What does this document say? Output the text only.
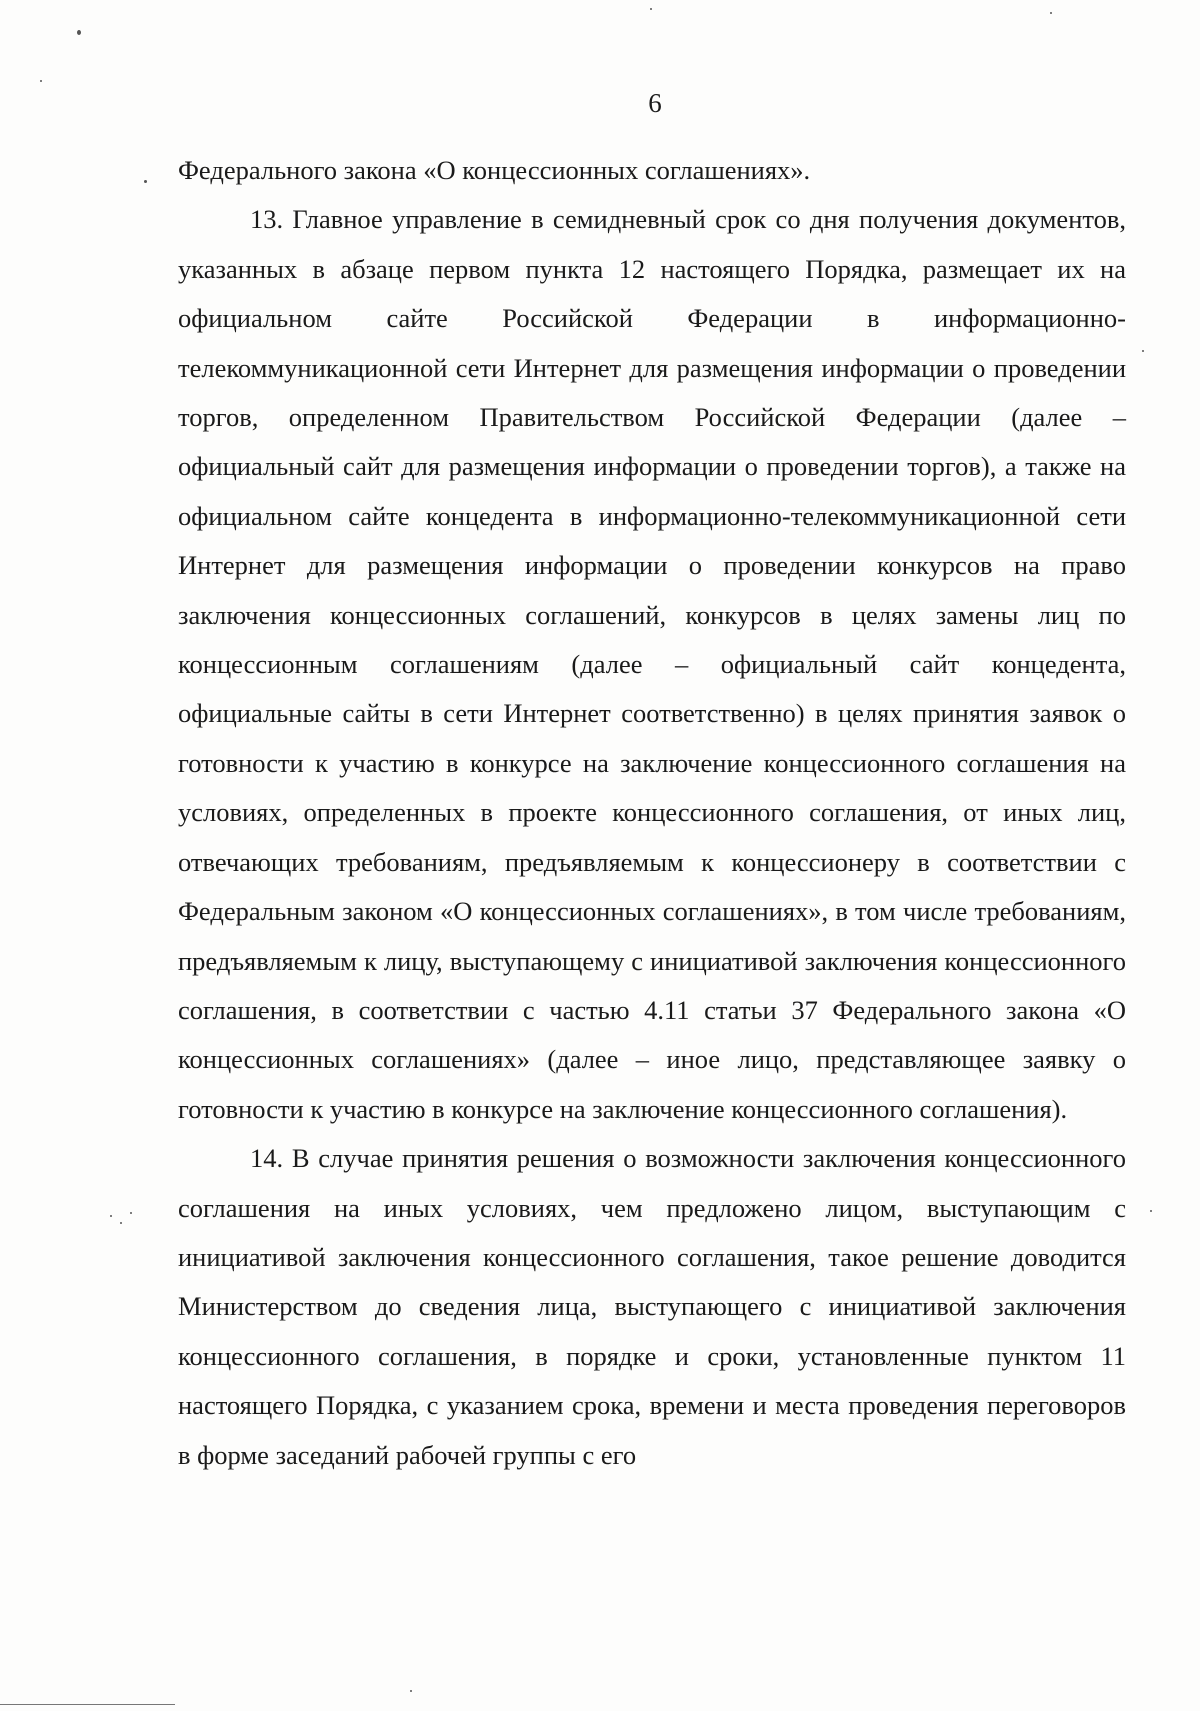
6

Федерального закона «О концессионных соглашениях».

13. Главное управление в семидневный срок со дня получения документов, указанных в абзаце первом пункта 12 настоящего Порядка, размещает их на официальном сайте Российской Федерации в информационно-телекоммуникационной сети Интернет для размещения информации о проведении торгов, определенном Правительством Российской Федерации (далее – официальный сайт для размещения информации о проведении торгов), а также на официальном сайте концедента в информационно-телекоммуникационной сети Интернет для размещения информации о проведении конкурсов на право заключения концессионных соглашений, конкурсов в целях замены лиц по концессионным соглашениям (далее – официальный сайт концедента, официальные сайты в сети Интернет соответственно) в целях принятия заявок о готовности к участию в конкурсе на заключение концессионного соглашения на условиях, определенных в проекте концессионного соглашения, от иных лиц, отвечающих требованиям, предъявляемым к концессионеру в соответствии с Федеральным законом «О концессионных соглашениях», в том числе требованиям, предъявляемым к лицу, выступающему с инициативой заключения концессионного соглашения, в соответствии с частью 4.11 статьи 37 Федерального закона «О концессионных соглашениях» (далее – иное лицо, представляющее заявку о готовности к участию в конкурсе на заключение концессионного соглашения).

14. В случае принятия решения о возможности заключения концессионного соглашения на иных условиях, чем предложено лицом, выступающим с инициативой заключения концессионного соглашения, такое решение доводится Министерством до сведения лица, выступающего с инициативой заключения концессионного соглашения, в порядке и сроки, установленные пунктом 11 настоящего Порядка, с указанием срока, времени и места проведения переговоров в форме заседаний рабочей группы с его
